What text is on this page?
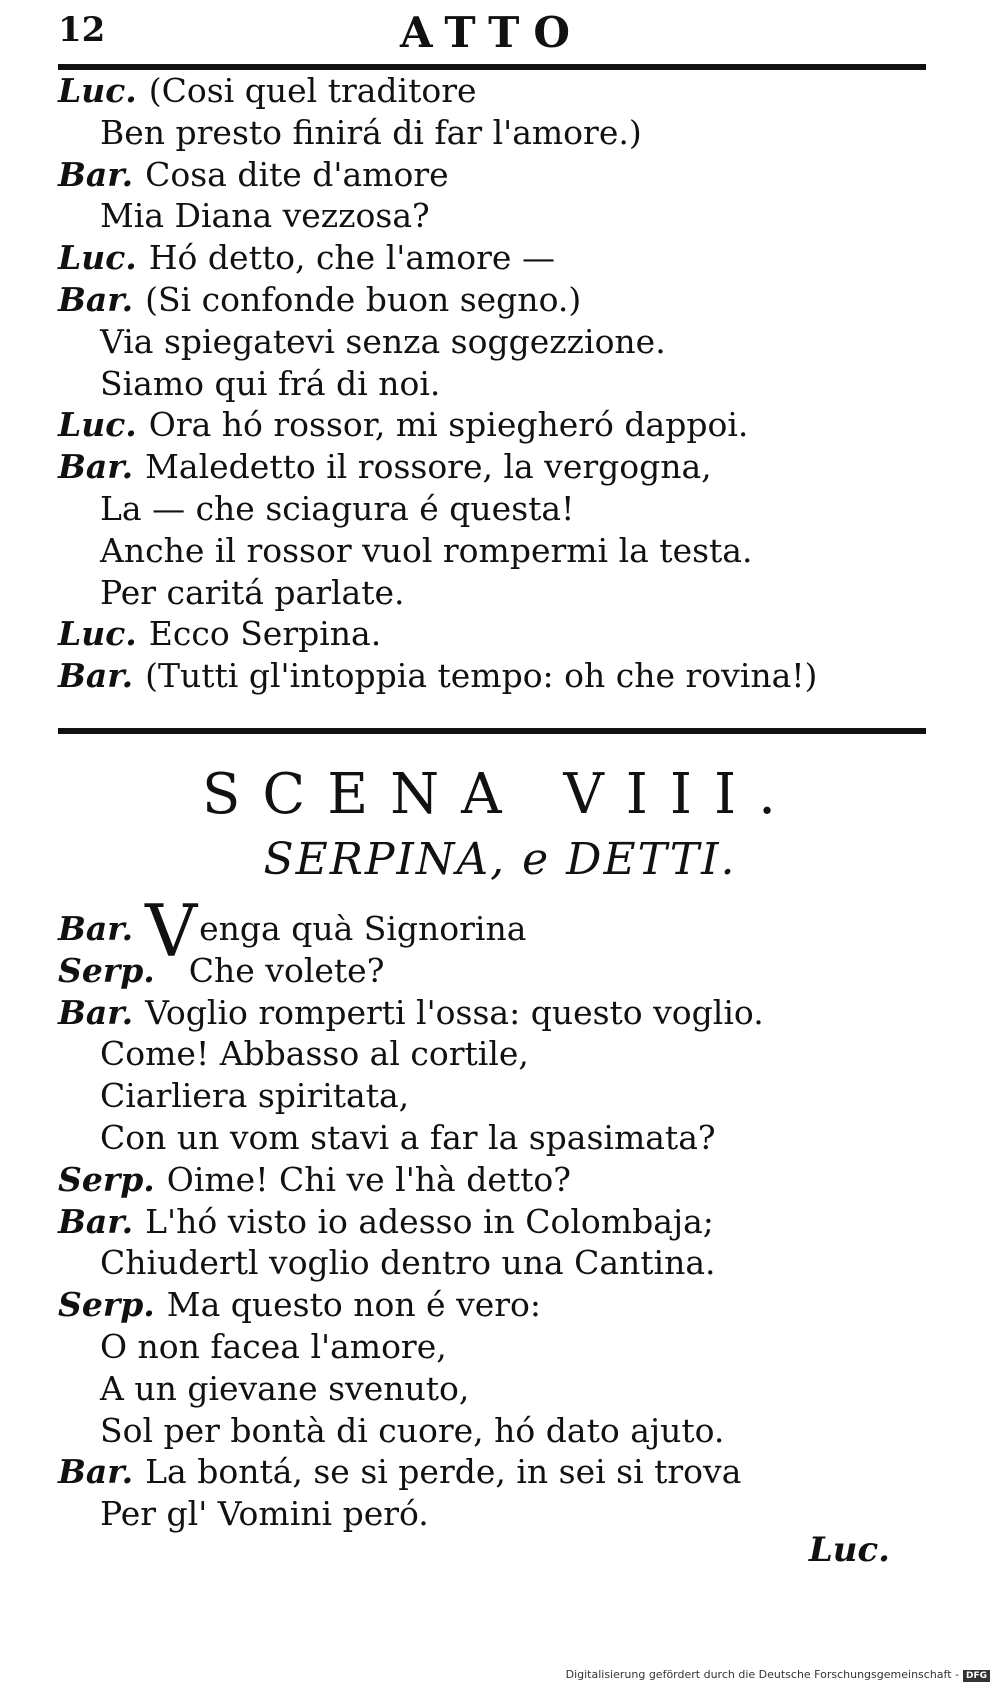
12	ATTO
Luc. (Cosi quel traditore
Ben presto finirá di far l'amore.)
Bar. Cosa dite d'amore
Mia Diana vezzosa?
Luc. Hó detto, che l'amore —
Bar. (Si confonde buon segno.)
Via spiegatevi senza soggezzione.
Siamo qui frá di noi.
Luc. Ora hó rossor, mi spiegheró dappoi.
Bar. Maledetto il rossore, la vergogna,
La — che sciagura é questa!
Anche il rossor vuol rompermi la testa.
Per caritá parlate.
Luc. Ecco Serpina.
Bar. (Tutti gl'intoppia tempo: oh che rovina!)
SCENA VIII.
SERPINA, e DETTI.
Bar. Venga quà Signorina
Serp. Che volete?
Bar. Voglio romperti l'ossa: questo voglio.
Come! Abbasso al cortile,
Ciarliera spiritata,
Con un vom stavi a far la spasimata?
Serp. Oime! Chi ve l'hà detto?
Bar. L'hó visto io adesso in Colombaja;
Chiudertl voglio dentro una Cantina.
Serp. Ma questo non é vero:
O non facea l'amore,
A un gievane svenuto,
Sol per bontà di cuore, hó dato ajuto.
Bar. La bontá, se si perde, in sei si trova
Per gl' Vomini peró.
Luc.
Digitalisierung gefördert durch die Deutsche Forschungsgemeinschaft - DFG
